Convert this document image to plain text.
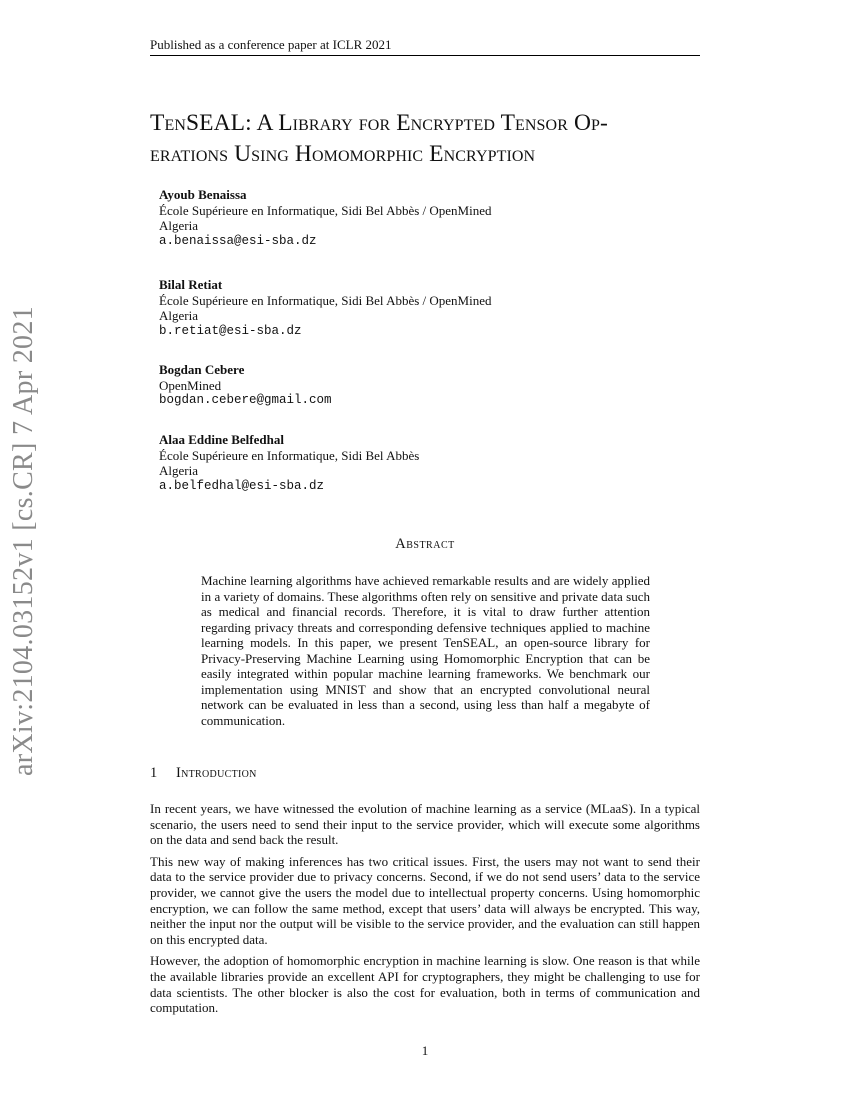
Published as a conference paper at ICLR 2021
TenSEAL: A Library for Encrypted Tensor Op-
erations Using Homomorphic Encryption
Ayoub Benaissa
École Supérieure en Informatique, Sidi Bel Abbès / OpenMined
Algeria
a.benaissa@esi-sba.dz
Bilal Retiat
École Supérieure en Informatique, Sidi Bel Abbès / OpenMined
Algeria
b.retiat@esi-sba.dz
Bogdan Cebere
OpenMined
bogdan.cebere@gmail.com
Alaa Eddine Belfedhal
École Supérieure en Informatique, Sidi Bel Abbès
Algeria
a.belfedhal@esi-sba.dz
Abstract

Machine learning algorithms have achieved remarkable results and are widely applied in a variety of domains. These algorithms often rely on sensitive and private data such as medical and financial records. Therefore, it is vital to draw further attention regarding privacy threats and corresponding defensive techniques applied to machine learning models. In this paper, we present TenSEAL, an open-source library for Privacy-Preserving Machine Learning using Homomorphic Encryption that can be easily integrated within popular machine learning frameworks. We benchmark our implementation using MNIST and show that an encrypted convolutional neural network can be evaluated in less than a second, using less than half a megabyte of communication.

1 Introduction

In recent years, we have witnessed the evolution of machine learning as a service (MLaaS). In a typical scenario, the users need to send their input to the service provider, which will execute some algorithms on the data and send back the result.

This new way of making inferences has two critical issues. First, the users may not want to send their data to the service provider due to privacy concerns. Second, if we do not send users’ data to the service provider, we cannot give the users the model due to intellectual property concerns. Using homomorphic encryption, we can follow the same method, except that users’ data will always be encrypted. This way, neither the input nor the output will be visible to the service provider, and the evaluation can still happen on this encrypted data.

However, the adoption of homomorphic encryption in machine learning is slow. One reason is that while the available libraries provide an excellent API for cryptographers, they might be challenging to use for data scientists. The other blocker is also the cost for evaluation, both in terms of communication and computation.

arXiv:2104.03152v1 [cs.CR] 7 Apr 2021
1
